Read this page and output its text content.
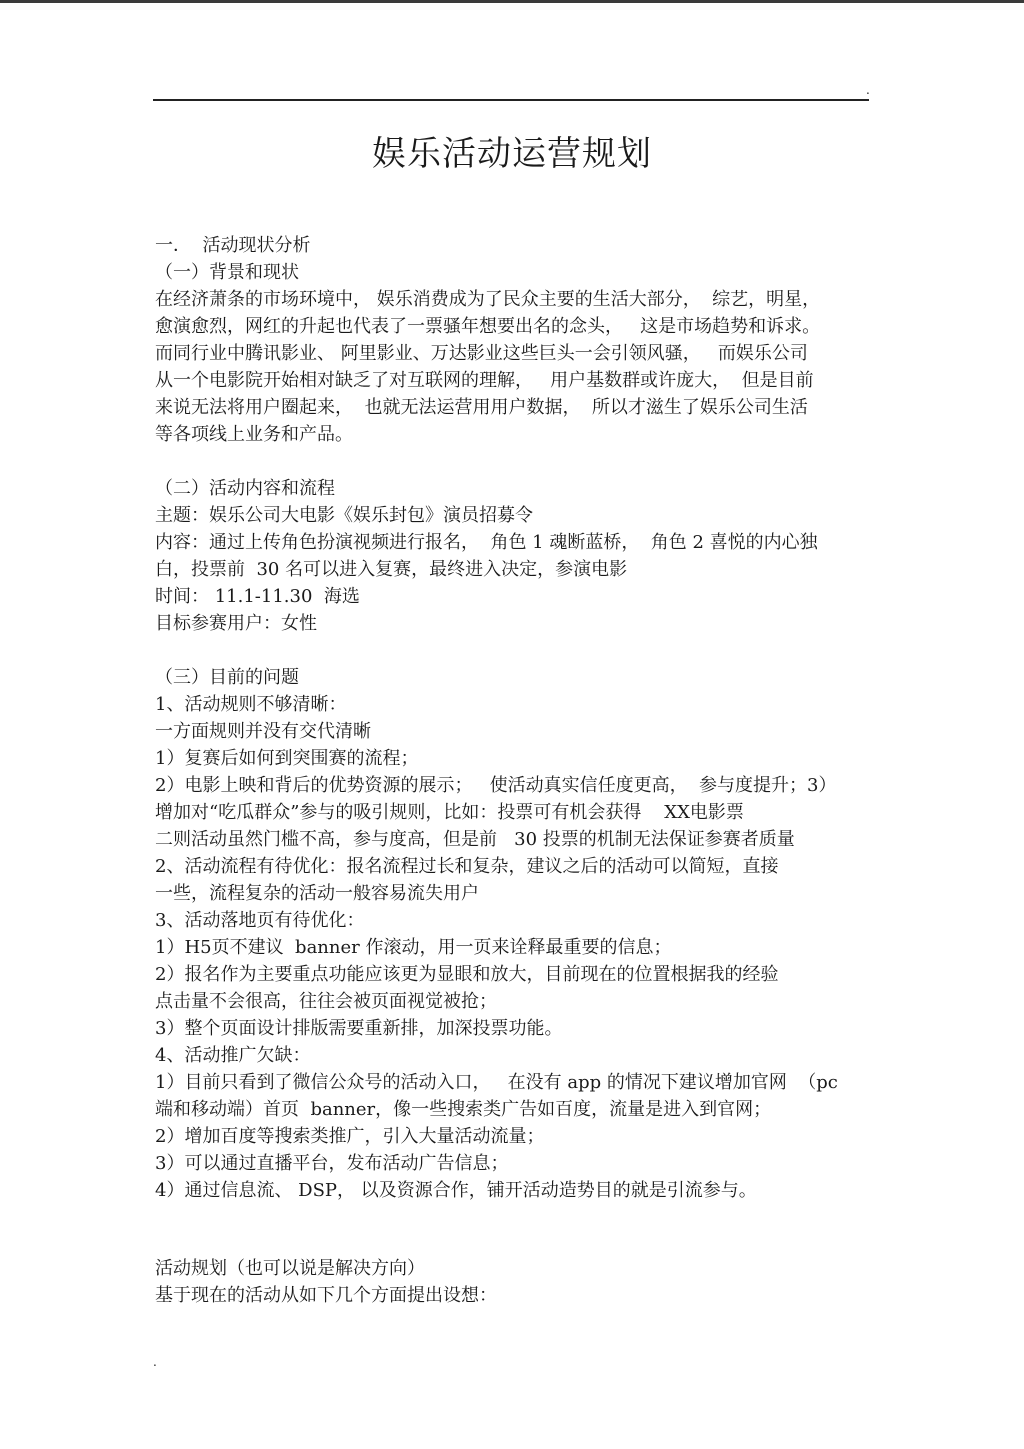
.
娱乐活动运营规划

一．  活动现状分析

（一）背景和现状

在经济萧条的市场环境中， 娱乐消费成为了民众主要的生活大部分，  综艺，明星，

愈演愈烈，网红的升起也代表了一票骚年想要出名的念头，   这是市场趋势和诉求。

而同行业中腾讯影业、 阿里影业、万达影业这些巨头一会引领风骚，   而娱乐公司

从一个电影院开始相对缺乏了对互联网的理解，   用户基数群或许庞大，  但是目前

来说无法将用户圈起来，  也就无法运营用用户数据，  所以才滋生了娱乐公司生活

等各项线上业务和产品。

（二）活动内容和流程

主题：娱乐公司大电影《娱乐封包》演员招募令

内容：通过上传角色扮演视频进行报名，  角色 1 魂断蓝桥，  角色 2 喜悦的内心独

白，投票前  30 名可以进入复赛，最终进入决定，参演电影

时间： 11.1-11.30  海选

目标参赛用户：女性

（三）目前的问题

1、活动规则不够清晰：

一方面规则并没有交代清晰

1）复赛后如何到突围赛的流程；

2）电影上映和背后的优势资源的展示；   使活动真实信任度更高，  参与度提升；3）

增加对“吃瓜群众”参与的吸引规则，比如：投票可有机会获得    XX电影票

二则活动虽然门槛不高，参与度高，但是前   30 投票的机制无法保证参赛者质量

2、活动流程有待优化：报名流程过长和复杂，建议之后的活动可以简短，直接

一些，流程复杂的活动一般容易流失用户

3、活动落地页有待优化：

1）H5页不建议  banner 作滚动，用一页来诠释最重要的信息；

2）报名作为主要重点功能应该更为显眼和放大，目前现在的位置根据我的经验

点击量不会很高，往往会被页面视觉被抢；

3）整个页面设计排版需要重新排，加深投票功能。

4、活动推广欠缺：

1）目前只看到了微信公众号的活动入口，   在没有 app 的情况下建议增加官网  （pc

端和移动端）首页  banner，像一些搜索类广告如百度，流量是进入到官网；

2）增加百度等搜索类推广，引入大量活动流量；

3）可以通过直播平台，发布活动广告信息；

4）通过信息流、 DSP， 以及资源合作，铺开活动造势目的就是引流参与。

活动规划（也可以说是解决方向）

基于现在的活动从如下几个方面提出设想：

.
